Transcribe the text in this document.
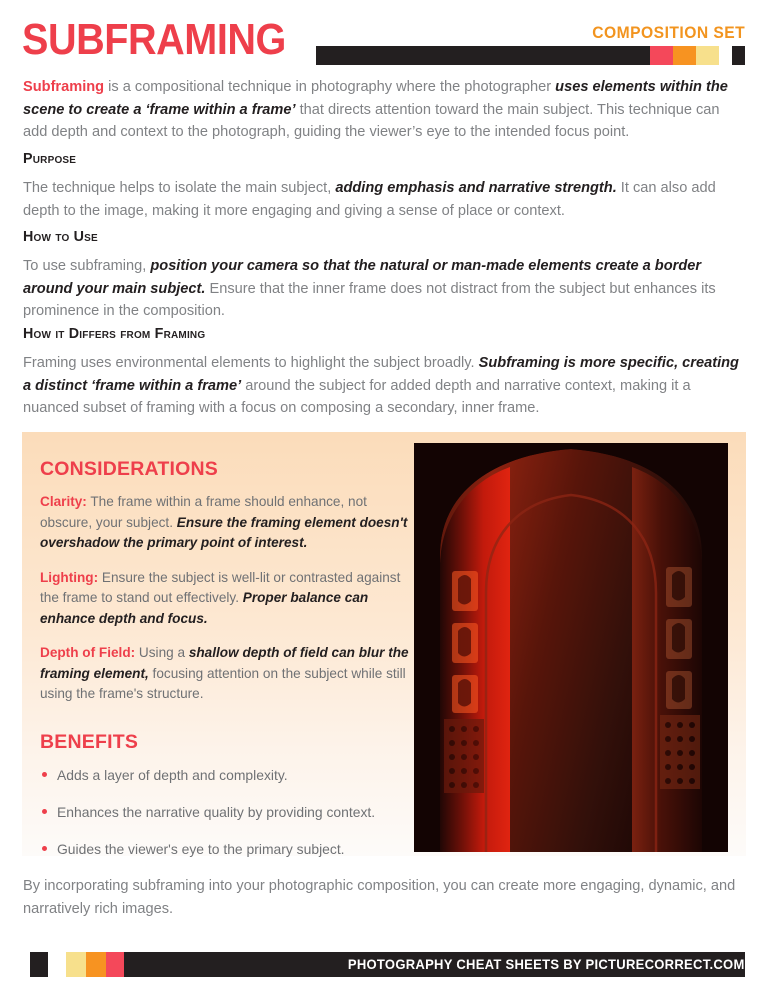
SUBFRAMING	COMPOSITION SET

Subframing is a compositional technique in photography where the photographer uses elements within the scene to create a ‘frame within a frame’ that directs attention toward the main subject. This technique can add depth and context to the photograph, guiding the viewer’s eye to the intended focus point.

Purpose

The technique helps to isolate the main subject, adding emphasis and narrative strength. It can also add depth to the image, making it more engaging and giving a sense of place or context.

How to Use

To use subframing, position your camera so that the natural or man-made elements create a border around your main subject. Ensure that the inner frame does not distract from the subject but enhances its prominence in the composition.

How it Differs from Framing

Framing uses environmental elements to highlight the subject broadly. Subframing is more specific, creating a distinct ‘frame within a frame’ around the subject for added depth and narrative context, making it a nuanced subset of framing with a focus on composing a secondary, inner frame.

CONSIDERATIONS
Clarity: The frame within a frame should enhance, not obscure, your subject. Ensure the framing element doesn't overshadow the primary point of interest.
Lighting: Ensure the subject is well-lit or contrasted against the frame to stand out effectively. Proper balance can enhance depth and focus.
Depth of Field: Using a shallow depth of field can blur the framing element, focusing attention on the subject while still using the frame's structure.
BENEFITS
Adds a layer of depth and complexity.
Enhances the narrative quality by providing context.
Guides the viewer's eye to the primary subject.

By incorporating subframing into your photographic composition, you can create more engaging, dynamic, and narratively rich images.

PHOTOGRAPHY CHEAT SHEETS BY PICTURECORRECT.COM
